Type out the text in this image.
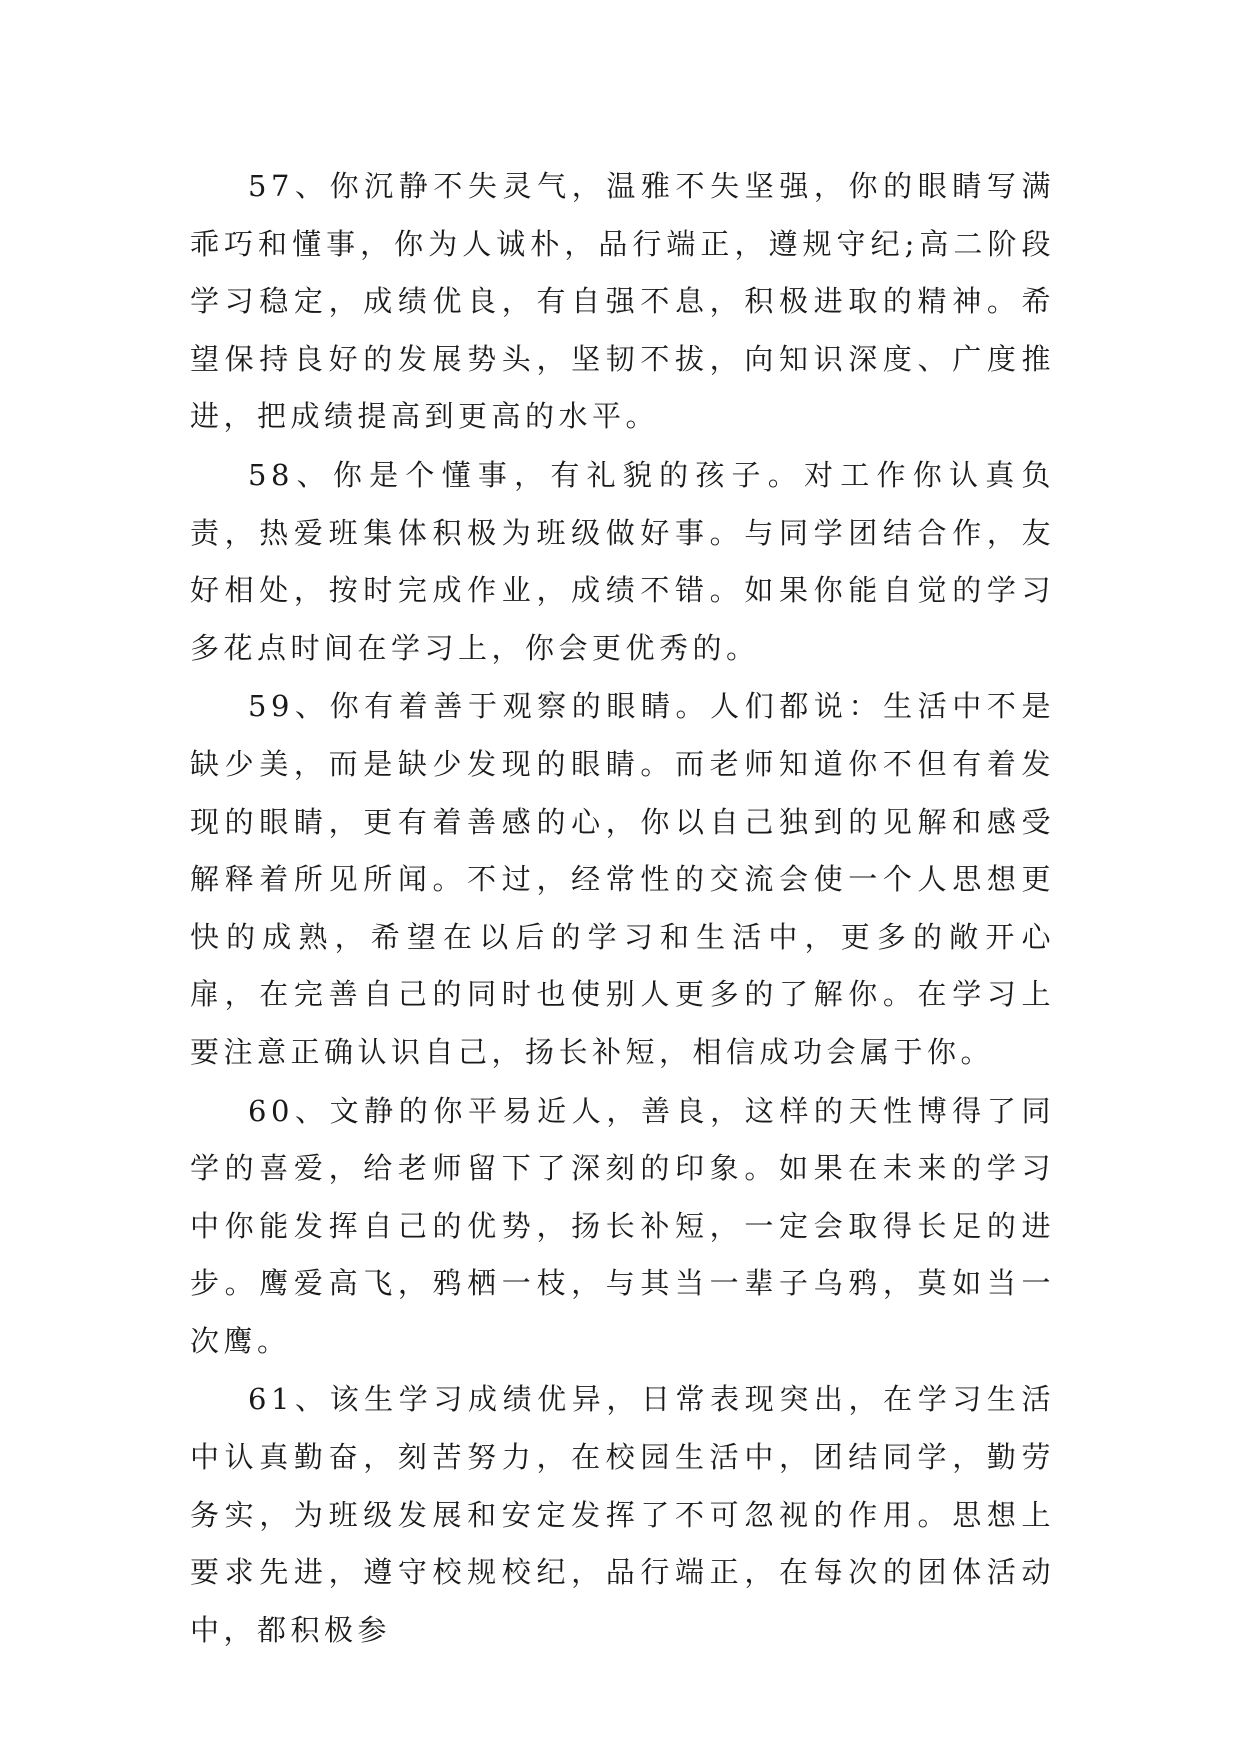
57、你沉静不失灵气，温雅不失坚强，你的眼睛写满乖巧和懂事，你为人诚朴，品行端正，遵规守纪;高二阶段学习稳定，成绩优良，有自强不息，积极进取的精神。希望保持良好的发展势头，坚韧不拔，向知识深度、广度推进，把成绩提高到更高的水平。

58、你是个懂事，有礼貌的孩子。对工作你认真负责，热爱班集体积极为班级做好事。与同学团结合作，友好相处，按时完成作业，成绩不错。如果你能自觉的学习多花点时间在学习上，你会更优秀的。

59、你有着善于观察的眼睛。人们都说：生活中不是缺少美，而是缺少发现的眼睛。而老师知道你不但有着发现的眼睛，更有着善感的心，你以自己独到的见解和感受解释着所见所闻。不过，经常性的交流会使一个人思想更快的成熟，希望在以后的学习和生活中，更多的敞开心扉，在完善自己的同时也使别人更多的了解你。在学习上要注意正确认识自己，扬长补短，相信成功会属于你。

60、文静的你平易近人，善良，这样的天性博得了同学的喜爱，给老师留下了深刻的印象。如果在未来的学习中你能发挥自己的优势，扬长补短，一定会取得长足的进步。鹰爱高飞，鸦栖一枝，与其当一辈子乌鸦，莫如当一次鹰。

61、该生学习成绩优异，日常表现突出，在学习生活中认真勤奋，刻苦努力，在校园生活中，团结同学，勤劳务实，为班级发展和安定发挥了不可忽视的作用。思想上要求先进，遵守校规校纪，品行端正，在每次的团体活动中，都积极参
